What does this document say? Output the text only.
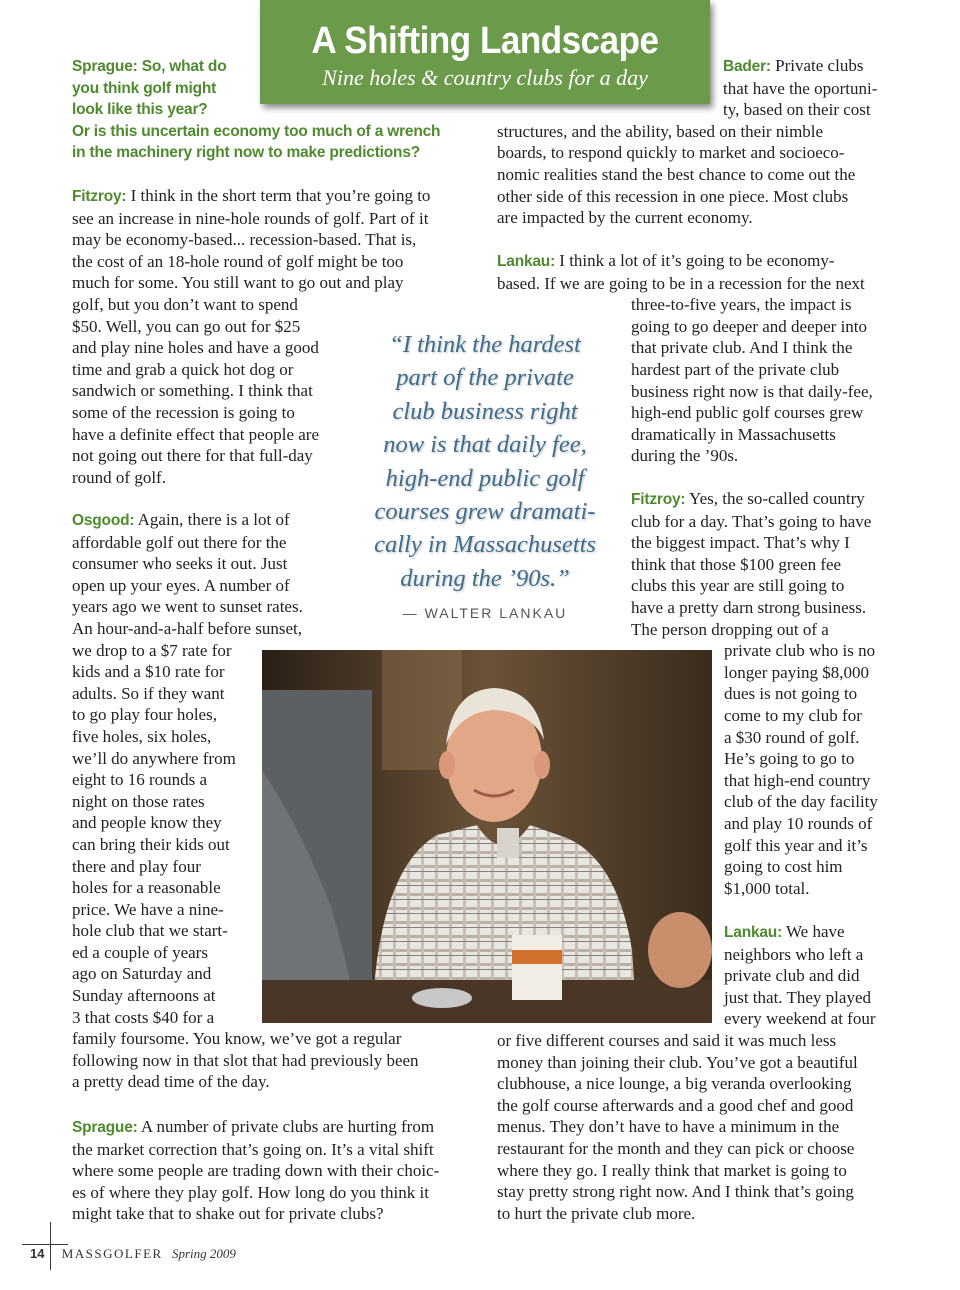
A Shifting Landscape
Nine holes & country clubs for a day
Sprague: So, what do
you think golf might
look like this year?
Or is this uncertain economy too much of a wrench
in the machinery right now to make predictions?
Fitzroy: I think in the short term that you’re going to
see an increase in nine-hole rounds of golf. Part of it
may be economy-based... recession-based. That is,
the cost of an 18-hole round of golf might be too
much for some. You still want to go out and play
golf, but you don’t want to spend
$50. Well, you can go out for $25
and play nine holes and have a good
time and grab a quick hot dog or
sandwich or something. I think that
some of the recession is going to
have a definite effect that people are
not going out there for that full-day
round of golf.
Osgood: Again, there is a lot of
affordable golf out there for the
consumer who seeks it out. Just
open up your eyes. A number of
years ago we went to sunset rates.
An hour-and-a-half before sunset,
we drop to a $7 rate for
kids and a $10 rate for
adults. So if they want
to go play four holes,
five holes, six holes,
we’ll do anywhere from
eight to 16 rounds a
night on those rates
and people know they
can bring their kids out
there and play four
holes for a reasonable
price. We have a nine-
hole club that we start-
ed a couple of years
ago on Saturday and
Sunday afternoons at
3 that costs $40 for a
family foursome. You know, we’ve got a regular
following now in that slot that had previously been
a pretty dead time of the day.
Sprague: A number of private clubs are hurting from
the market correction that’s going on. It’s a vital shift
where some people are trading down with their choic-
es of where they play golf. How long do you think it
might take that to shake out for private clubs?
Bader: Private clubs
that have the oportuni-
ty, based on their cost
structures, and the ability, based on their nimble
boards, to respond quickly to market and socioeco-
nomic realities stand the best chance to come out the
other side of this recession in one piece. Most clubs
are impacted by the current economy.
Lankau: I think a lot of it’s going to be economy-
based. If we are going to be in a recession for the next
three-to-five years, the impact is
going to go deeper and deeper into
that private club. And I think the
hardest part of the private club
business right now is that daily-fee,
high-end public golf courses grew
dramatically in Massachusetts
during the ’90s.
Fitzroy: Yes, the so-called country
club for a day. That’s going to have
the biggest impact. That’s why I
think that those $100 green fee
clubs this year are still going to
have a pretty darn strong business.
The person dropping out of a
private club who is no
longer paying $8,000
dues is not going to
come to my club for
a $30 round of golf.
He’s going to go to
that high-end country
club of the day facility
and play 10 rounds of
golf this year and it’s
going to cost him
$1,000 total.
Lankau: We have
neighbors who left a
private club and did
just that. They played
every weekend at four
or five different courses and said it was much less
money than joining their club. You’ve got a beautiful
clubhouse, a nice lounge, a big veranda overlooking
the golf course afterwards and a good chef and good
menus. They don’t have to have a minimum in the
restaurant for the month and they can pick or choose
where they go. I really think that market is going to
stay pretty strong right now. And I think that’s going
to hurt the private club more.
“I think the hardest
part of the private
club business right
now is that daily fee,
high-end public golf
courses grew dramati-
cally in Massachusetts
during the ’90s.”
— WALTER LANKAU
14 MASSGOLFER Spring 2009
